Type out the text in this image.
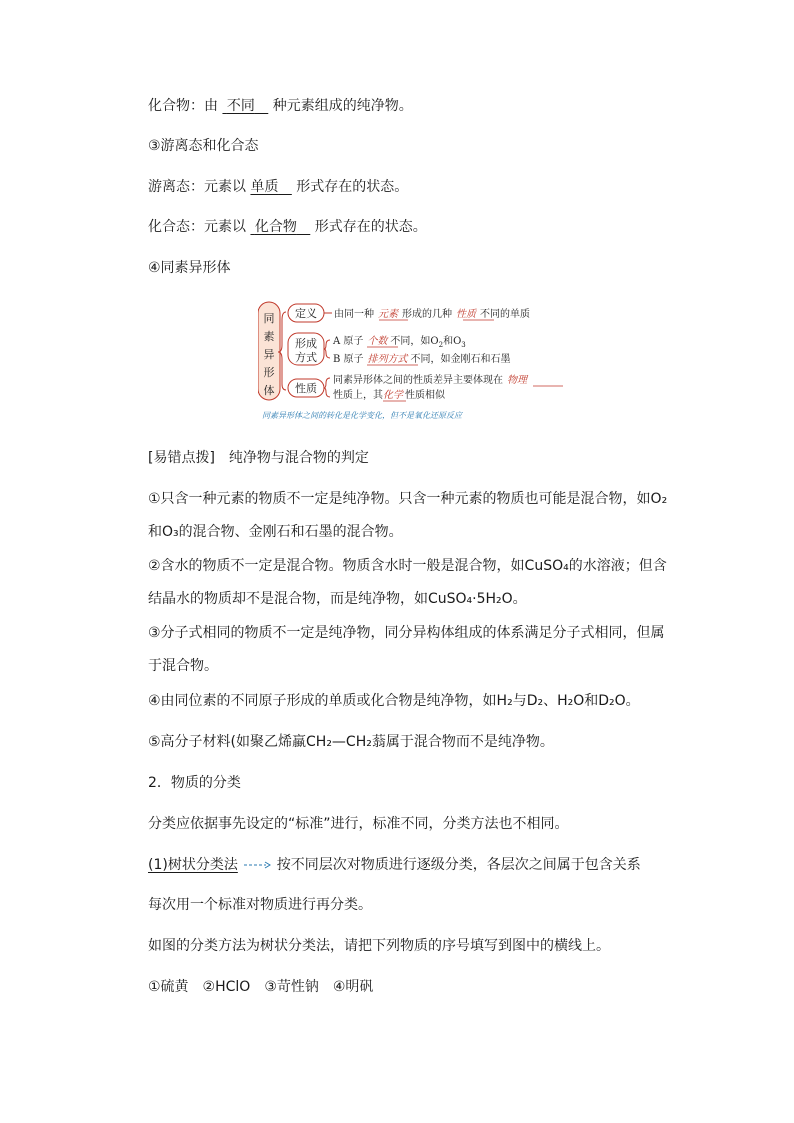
化合物：由 不同 种元素组成的纯净物。
③游离态和化合态
游离态：元素以 单质 形式存在的状态。
化合态：元素以 化合物 形式存在的状态。
④同素异形体
同
素
异
形
体
定义
形成
方式
性质
由同一种 元素 形成的几种 性质 不同的单质
A 原子 个数 不同，如$O_2$和$O_3$
B 原子 排列方式 不同，如金刚石和石墨
同素异形体之间的性质差异主要体现在 物理
性质上，其化学 性质相似
同素异形体之间的转化是化学变化，但不是氧化还原反应
[易错点拨]　纯净物与混合物的判定
①只含一种元素的物质不一定是纯净物。只含一种元素的物质也可能是混合物，如O₂和O₃的混合物、金刚石和石墨的混合物。
②含水的物质不一定是混合物。物质含水时一般是混合物，如CuSO₄的水溶液；但含结晶水的物质却不是混合物，而是纯净物，如CuSO₄·5H₂O。
③分子式相同的物质不一定是纯净物，同分异构体组成的体系满足分子式相同，但属于混合物。
④由同位素的不同原子形成的单质或化合物是纯净物，如H₂与D₂、H₂O和D₂O。
⑤高分子材料(如聚乙烯蠃CH₂—CH₂蓊属于混合物而不是纯净物。
2．物质的分类
分类应依据事先设定的“标准”进行，标准不同，分类方法也不相同。
(1)树状分类法	按不同层次对物质进行逐级分类，各层次之间属于包含关系
每次用一个标准对物质进行再分类。
如图的分类方法为树状分类法，请把下列物质的序号填写到图中的横线上。
①硫黄　②HClO　③苛性钠　④明矾
